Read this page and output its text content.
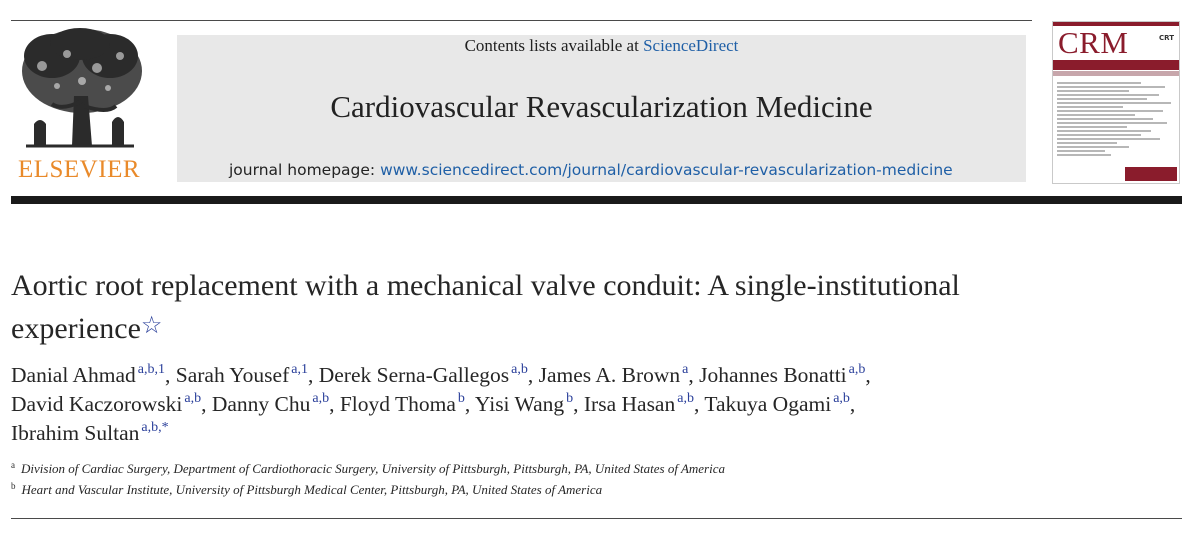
ELSEVIER
Contents lists available at ScienceDirect
Cardiovascular Revascularization Medicine
journal homepage: www.sciencedirect.com/journal/cardiovascular-revascularization-medicine
CRM	CRT
Aortic root replacement with a mechanical valve conduit: A single-institutional experience☆
Danial Ahmad $^{a,b,1}$, Sarah Yousef $^{a,1}$, Derek Serna-Gallegos $^{a,b}$, James A. Brown $^a$, Johannes Bonatti $^{a,b}$,
David Kaczorowski $^{a,b}$, Danny Chu $^{a,b}$, Floyd Thoma $^b$, Yisi Wang $^b$, Irsa Hasan $^{a,b}$, Takuya Ogami $^{a,b}$,
Ibrahim Sultan $^{a,b,*}$
$^a$ Division of Cardiac Surgery, Department of Cardiothoracic Surgery, University of Pittsburgh, Pittsburgh, PA, United States of America
$^b$ Heart and Vascular Institute, University of Pittsburgh Medical Center, Pittsburgh, PA, United States of America
